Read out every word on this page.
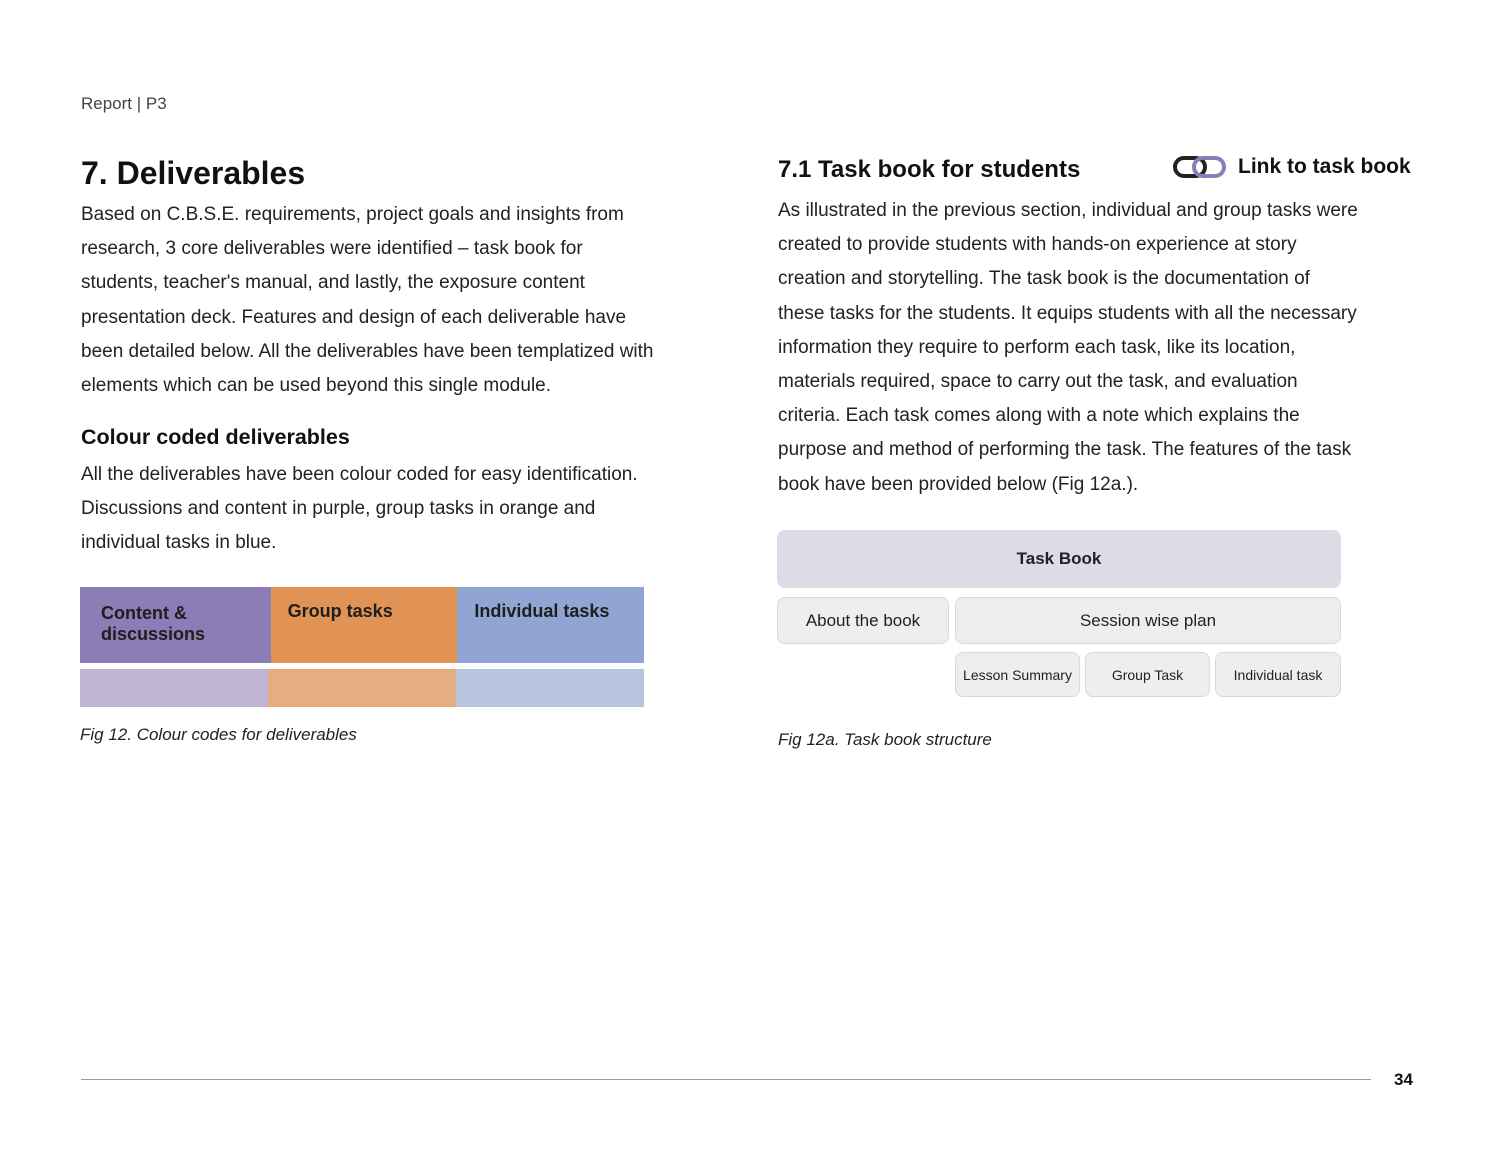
Report | P3
7. Deliverables

Based on C.B.S.E. requirements, project goals and insights from research, 3 core deliverables were identified – task book for students, teacher's manual, and lastly, the exposure content presentation deck. Features and design of each deliverable have been detailed below. All the deliverables have been templatized with elements which can be used beyond this single module.

Colour coded deliverables

All the deliverables have been colour coded for easy identification. Discussions and content in purple, group tasks in orange and individual tasks in blue.

Content &
discussions
Group tasks	Individual tasks

Fig 12. Colour codes for deliverables

7.1 Task book for students	Link to task book

As illustrated in the previous section, individual and group tasks were created to provide students with hands-on experience at story creation and storytelling. The task book is the documentation of these tasks for the students. It equips students with all the necessary information they require to perform each task, like its location, materials required, space to carry out the task, and evaluation criteria. Each task comes along with a note which explains the purpose and method of performing the task. The features of the task book have been provided below (Fig 12a.).

Task Book
About the book	Session wise plan
Lesson Summary	Group Task	Individual task

Fig 12a. Task book structure

34
